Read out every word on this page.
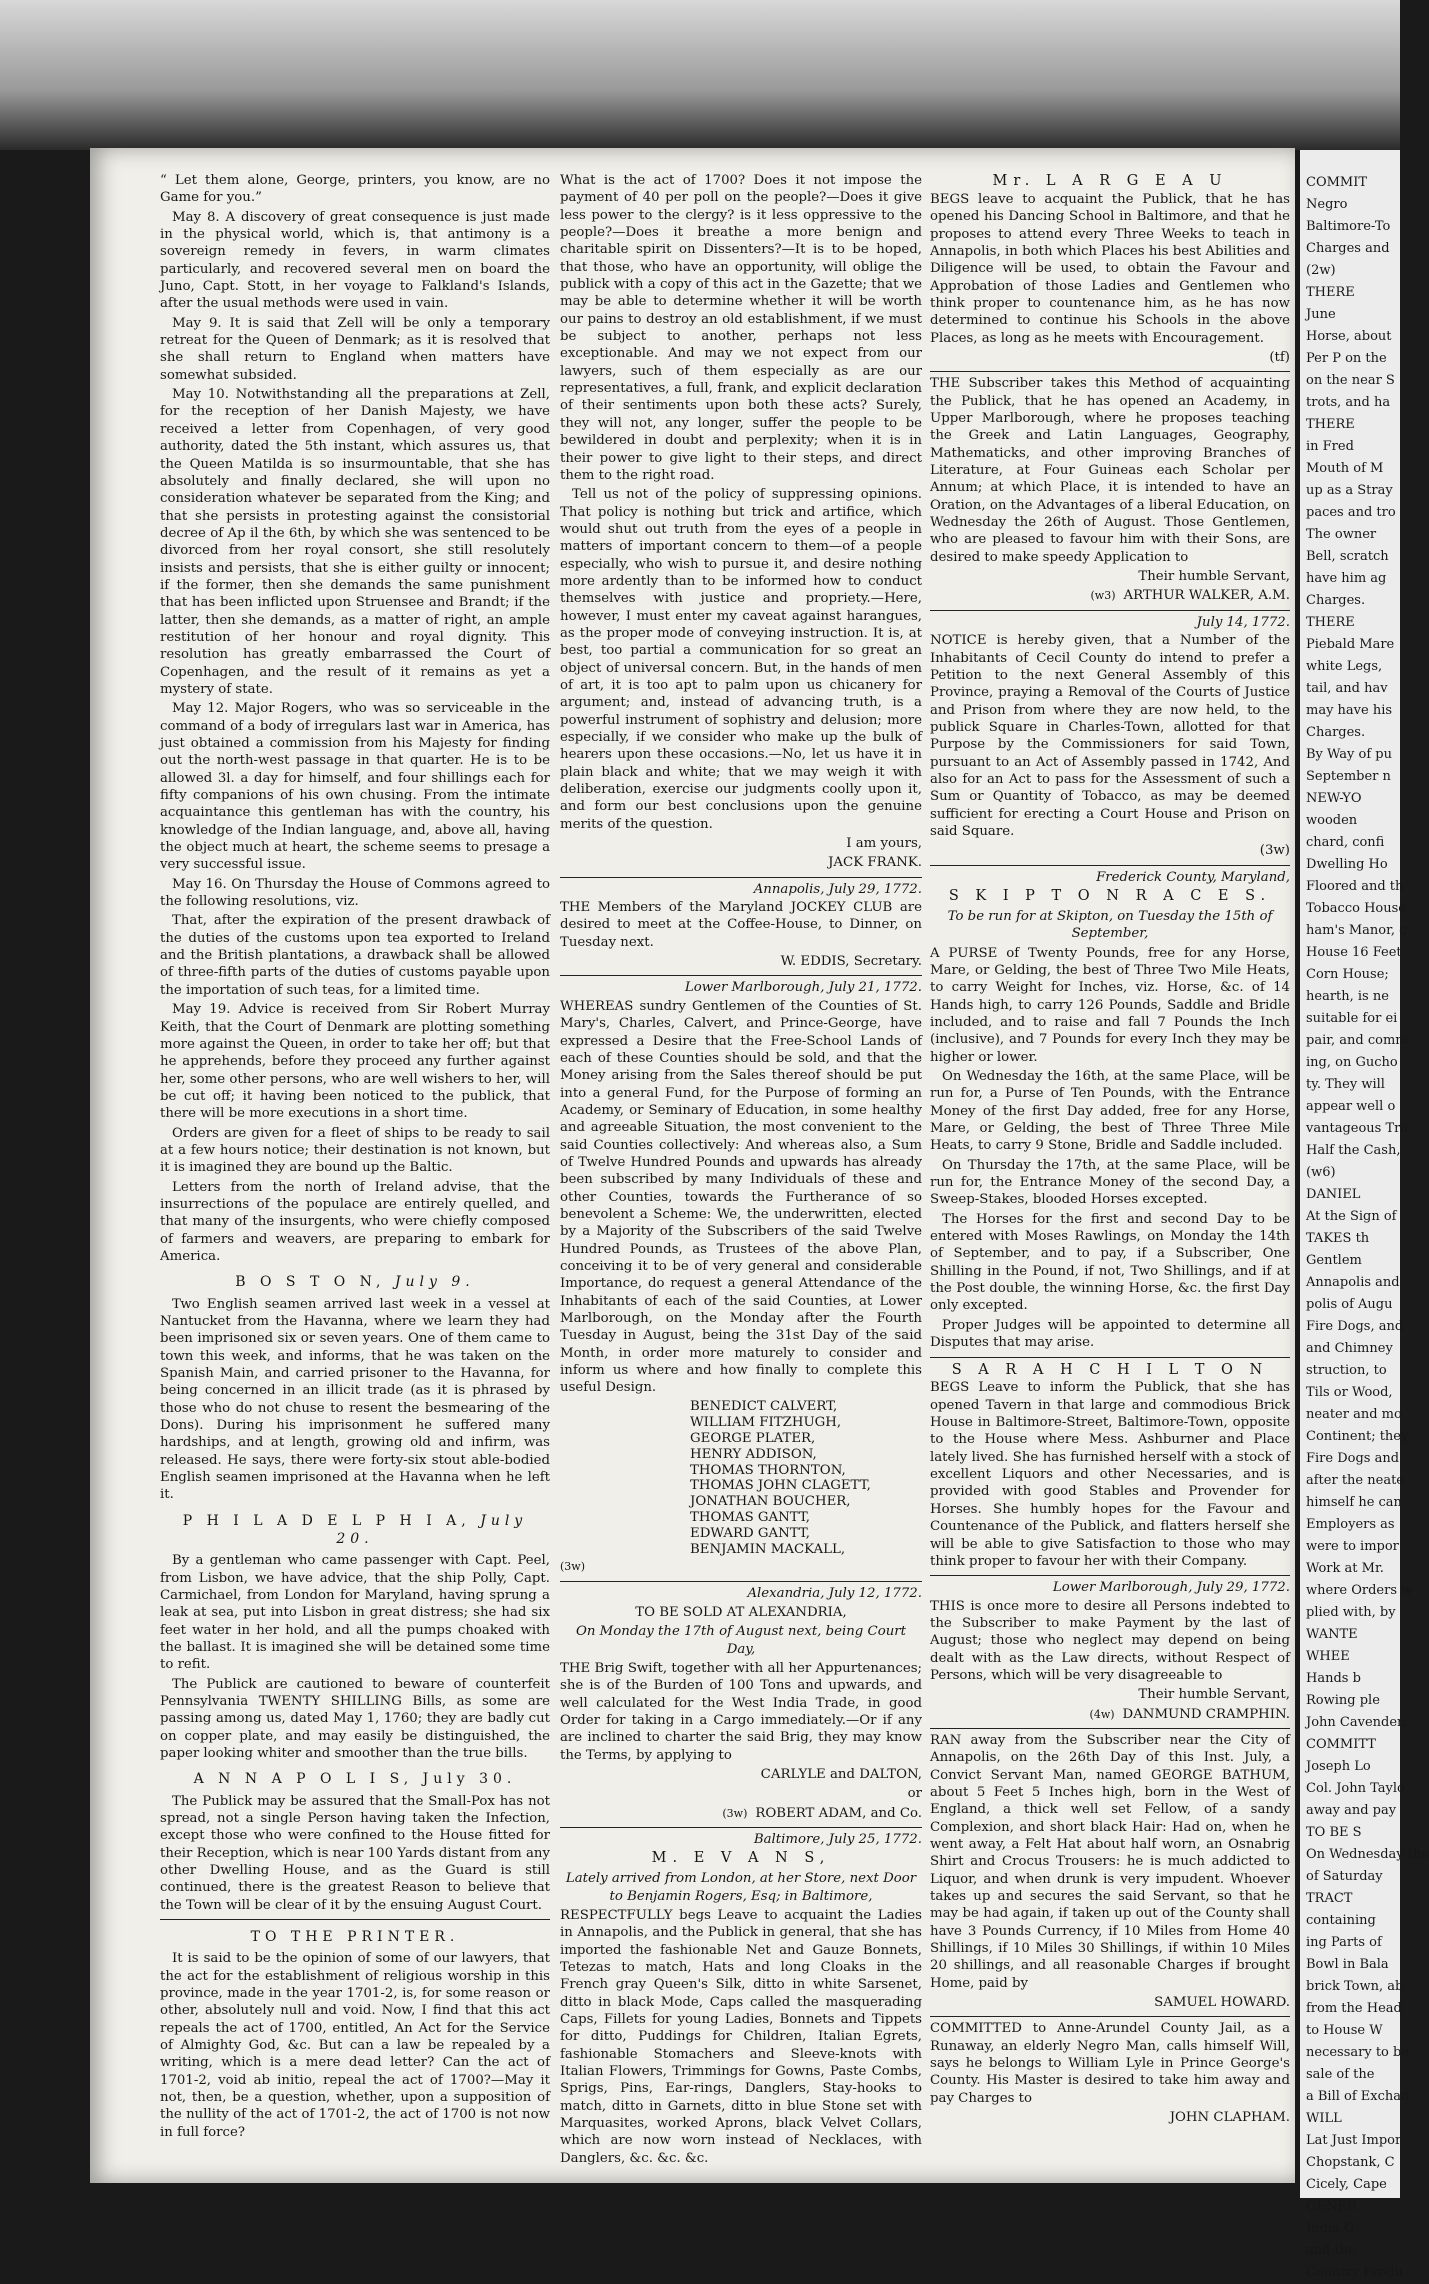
“ Let them alone, George, printers, you know, are no Game for you.”

May 8. A discovery of great consequence is just made in the physical world, which is, that antimony is a sovereign remedy in fevers, in warm climates particularly, and recovered several men on board the Juno, Capt. Stott, in her voyage to Falkland's Islands, after the usual methods were used in vain.

May 9. It is said that Zell will be only a temporary retreat for the Queen of Denmark; as it is resolved that she shall return to England when matters have somewhat subsided.

May 10. Notwithstanding all the preparations at Zell, for the reception of her Danish Majesty, we have received a letter from Copenhagen, of very good authority, dated the 5th instant, which assures us, that the Queen Matilda is so insurmountable, that she has absolutely and finally declared, she will upon no consideration whatever be separated from the King; and that she persists in protesting against the consistorial decree of Ap il the 6th, by which she was sentenced to be divorced from her royal consort, she still resolutely insists and persists, that she is either guilty or innocent; if the former, then she demands the same punishment that has been inflicted upon Struensee and Brandt; if the latter, then she demands, as a matter of right, an ample restitution of her honour and royal dignity. This resolution has greatly embarrassed the Court of Copenhagen, and the result of it remains as yet a mystery of state.

May 12. Major Rogers, who was so serviceable in the command of a body of irregulars last war in America, has just obtained a commission from his Majesty for finding out the north-west passage in that quarter. He is to be allowed 3l. a day for himself, and four shillings each for fifty companions of his own chusing. From the intimate acquaintance this gentleman has with the country, his knowledge of the Indian language, and, above all, having the object much at heart, the scheme seems to presage a very successful issue.

May 16. On Thursday the House of Commons agreed to the following resolutions, viz.

That, after the expiration of the present drawback of the duties of the customs upon tea exported to Ireland and the British plantations, a drawback shall be allowed of three-fifth parts of the duties of customs payable upon the importation of such teas, for a limited time.

May 19. Advice is received from Sir Robert Murray Keith, that the Court of Denmark are plotting something more against the Queen, in order to take her off; but that he apprehends, before they proceed any further against her, some other persons, who are well wishers to her, will be cut off; it having been noticed to the publick, that there will be more executions in a short time.

Orders are given for a fleet of ships to be ready to sail at a few hours notice; their destination is not known, but it is imagined they are bound up the Baltic.

Letters from the north of Ireland advise, that the insurrections of the populace are entirely quelled, and that many of the insurgents, who were chiefly composed of farmers and weavers, are preparing to embark for America.

B O S T O N, July 9.

Two English seamen arrived last week in a vessel at Nantucket from the Havanna, where we learn they had been imprisoned six or seven years. One of them came to town this week, and informs, that he was taken on the Spanish Main, and carried prisoner to the Havanna, for being concerned in an illicit trade (as it is phrased by those who do not chuse to resent the besmearing of the Dons). During his imprisonment he suffered many hardships, and at length, growing old and infirm, was released. He says, there were forty-six stout able-bodied English seamen imprisoned at the Havanna when he left it.

P H I L A D E L P H I A, July 20.

By a gentleman who came passenger with Capt. Peel, from Lisbon, we have advice, that the ship Polly, Capt. Carmichael, from London for Maryland, having sprung a leak at sea, put into Lisbon in great distress; she had six feet water in her hold, and all the pumps choaked with the ballast. It is imagined she will be detained some time to refit.

The Publick are cautioned to beware of counterfeit Pennsylvania TWENTY SHILLING Bills, as some are passing among us, dated May 1, 1760; they are badly cut on copper plate, and may easily be distinguished, the paper looking whiter and smoother than the true bills.

A N N A P O L I S, July 30.

The Publick may be assured that the Small-Pox has not spread, not a single Person having taken the Infection, except those who were confined to the House fitted for their Reception, which is near 100 Yards distant from any other Dwelling House, and as the Guard is still continued, there is the greatest Reason to believe that the Town will be clear of it by the ensuing August Court.

TO THE PRINTER.

It is said to be the opinion of some of our lawyers, that the act for the establishment of religious worship in this province, made in the year 1701-2, is, for some reason or other, absolutely null and void. Now, I find that this act repeals the act of 1700, entitled, An Act for the Service of Almighty God, &c. But can a law be repealed by a writing, which is a mere dead letter? Can the act of 1701-2, void ab initio, repeal the act of 1700?—May it not, then, be a question, whether, upon a supposition of the nullity of the act of 1701-2, the act of 1700 is not now in full force?

What is the act of 1700? Does it not impose the payment of 40 per poll on the people?—Does it give less power to the clergy? is it less oppressive to the people?—Does it breathe a more benign and charitable spirit on Dissenters?—It is to be hoped, that those, who have an opportunity, will oblige the publick with a copy of this act in the Gazette; that we may be able to determine whether it will be worth our pains to destroy an old establishment, if we must be subject to another, perhaps not less exceptionable. And may we not expect from our lawyers, such of them especially as are our representatives, a full, frank, and explicit declaration of their sentiments upon both these acts? Surely, they will not, any longer, suffer the people to be bewildered in doubt and perplexity; when it is in their power to give light to their steps, and direct them to the right road.

Tell us not of the policy of suppressing opinions. That policy is nothing but trick and artifice, which would shut out truth from the eyes of a people in matters of important concern to them—of a people especially, who wish to pursue it, and desire nothing more ardently than to be informed how to conduct themselves with justice and propriety.—Here, however, I must enter my caveat against harangues, as the proper mode of conveying instruction. It is, at best, too partial a communication for so great an object of universal concern. But, in the hands of men of art, it is too apt to palm upon us chicanery for argument; and, instead of advancing truth, is a powerful instrument of sophistry and delusion; more especially, if we consider who make up the bulk of hearers upon these occasions.—No, let us have it in plain black and white; that we may weigh it with deliberation, exercise our judgments coolly upon it, and form our best conclusions upon the genuine merits of the question.

I am yours,
JACK FRANK.
Annapolis, July 29, 1772.

THE Members of the Maryland JOCKEY CLUB are desired to meet at the Coffee-House, to Dinner, on Tuesday next.

W. EDDIS, Secretary.
Lower Marlborough, July 21, 1772.

WHEREAS sundry Gentlemen of the Counties of St. Mary's, Charles, Calvert, and Prince-George, have expressed a Desire that the Free-School Lands of each of these Counties should be sold, and that the Money arising from the Sales thereof should be put into a general Fund, for the Purpose of forming an Academy, or Seminary of Education, in some healthy and agreeable Situation, the most convenient to the said Counties collectively: And whereas also, a Sum of Twelve Hundred Pounds and upwards has already been subscribed by many Individuals of these and other Counties, towards the Furtherance of so benevolent a Scheme: We, the underwritten, elected by a Majority of the Subscribers of the said Twelve Hundred Pounds, as Trustees of the above Plan, conceiving it to be of very general and considerable Importance, do request a general Attendance of the Inhabitants of each of the said Counties, at Lower Marlborough, on the Monday after the Fourth Tuesday in August, being the 31st Day of the said Month, in order more maturely to consider and inform us where and how finally to complete this useful Design.

BENEDICT CALVERT,
WILLIAM FITZHUGH,
GEORGE PLATER,
HENRY ADDISON,
THOMAS THORNTON,
THOMAS JOHN CLAGETT,
JONATHAN BOUCHER,
THOMAS GANTT,
EDWARD GANTT,
BENJAMIN MACKALL,
(3w)
Alexandria, July 12, 1772.
TO BE SOLD AT ALEXANDRIA,
On Monday the 17th of August next, being Court Day,

THE Brig Swift, together with all her Appurtenances; she is of the Burden of 100 Tons and upwards, and well calculated for the West India Trade, in good Order for taking in a Cargo immediately.—Or if any are inclined to charter the said Brig, they may know the Terms, by applying to

CARLYLE and DALTON,
or
(3w) ROBERT ADAM, and Co.
Baltimore, July 25, 1772.
M. E V A N S,
Lately arrived from London, at her Store, next Door to Benjamin Rogers, Esq; in Baltimore,

RESPECTFULLY begs Leave to acquaint the Ladies in Annapolis, and the Publick in general, that she has imported the fashionable Net and Gauze Bonnets, Tetezas to match, Hats and long Cloaks in the French gray Queen's Silk, ditto in white Sarsenet, ditto in black Mode, Caps called the masquerading Caps, Fillets for young Ladies, Bonnets and Tippets for ditto, Puddings for Children, Italian Egrets, fashionable Stomachers and Sleeve-knots with Italian Flowers, Trimmings for Gowns, Paste Combs, Sprigs, Pins, Ear-rings, Danglers, Stay-hooks to match, ditto in Garnets, ditto in blue Stone set with Marquasites, worked Aprons, black Velvet Collars, which are now worn instead of Necklaces, with Danglers, &c. &c. &c.

Mr. L A R G E A U

BEGS leave to acquaint the Publick, that he has opened his Dancing School in Baltimore, and that he proposes to attend every Three Weeks to teach in Annapolis, in both which Places his best Abilities and Diligence will be used, to obtain the Favour and Approbation of those Ladies and Gentlemen who think proper to countenance him, as he has now determined to continue his Schools in the above Places, as long as he meets with Encouragement.

(tf)

THE Subscriber takes this Method of acquainting the Publick, that he has opened an Academy, in Upper Marlborough, where he proposes teaching the Greek and Latin Languages, Geography, Mathematicks, and other improving Branches of Literature, at Four Guineas each Scholar per Annum; at which Place, it is intended to have an Oration, on the Advantages of a liberal Education, on Wednesday the 26th of August. Those Gentlemen, who are pleased to favour him with their Sons, are desired to make speedy Application to

Their humble Servant,
(w3) ARTHUR WALKER, A.M.
July 14, 1772.

NOTICE is hereby given, that a Number of the Inhabitants of Cecil County do intend to prefer a Petition to the next General Assembly of this Province, praying a Removal of the Courts of Justice and Prison from where they are now held, to the publick Square in Charles-Town, allotted for that Purpose by the Commissioners for said Town, pursuant to an Act of Assembly passed in 1742, And also for an Act to pass for the Assessment of such a Sum or Quantity of Tobacco, as may be deemed sufficient for erecting a Court House and Prison on said Square.

(3w)
Frederick County, Maryland,
S K I P T O N R A C E S.
To be run for at Skipton, on Tuesday the 15th of September,

A PURSE of Twenty Pounds, free for any Horse, Mare, or Gelding, the best of Three Two Mile Heats, to carry Weight for Inches, viz. Horse, &c. of 14 Hands high, to carry 126 Pounds, Saddle and Bridle included, and to raise and fall 7 Pounds the Inch (inclusive), and 7 Pounds for every Inch they may be higher or lower.

On Wednesday the 16th, at the same Place, will be run for, a Purse of Ten Pounds, with the Entrance Money of the first Day added, free for any Horse, Mare, or Gelding, the best of Three Three Mile Heats, to carry 9 Stone, Bridle and Saddle included.

On Thursday the 17th, at the same Place, will be run for, the Entrance Money of the second Day, a Sweep-Stakes, blooded Horses excepted.

The Horses for the first and second Day to be entered with Moses Rawlings, on Monday the 14th of September, and to pay, if a Subscriber, One Shilling in the Pound, if not, Two Shillings, and if at the Post double, the winning Horse, &c. the first Day only excepted.

Proper Judges will be appointed to determine all Disputes that may arise.

S A R A H C H I L T O N

BEGS Leave to inform the Publick, that she has opened Tavern in that large and commodious Brick House in Baltimore-Street, Baltimore-Town, opposite to the House where Mess. Ashburner and Place lately lived. She has furnished herself with a stock of excellent Liquors and other Necessaries, and is provided with good Stables and Provender for Horses. She humbly hopes for the Favour and Countenance of the Publick, and flatters herself she will be able to give Satisfaction to those who may think proper to favour her with their Company.

Lower Marlborough, July 29, 1772.

THIS is once more to desire all Persons indebted to the Subscriber to make Payment by the last of August; those who neglect may depend on being dealt with as the Law directs, without Respect of Persons, which will be very disagreeable to

Their humble Servant,
(4w) DANMUND CRAMPHIN.

RAN away from the Subscriber near the City of Annapolis, on the 26th Day of this Inst. July, a Convict Servant Man, named GEORGE BATHUM, about 5 Feet 5 Inches high, born in the West of England, a thick well set Fellow, of a sandy Complexion, and short black Hair: Had on, when he went away, a Felt Hat about half worn, an Osnabrig Shirt and Crocus Trousers: he is much addicted to Liquor, and when drunk is very impudent. Whoever takes up and secures the said Servant, so that he may be had again, if taken up out of the County shall have 3 Pounds Currency, if 10 Miles from Home 40 Shillings, if 10 Miles 30 Shillings, if within 10 Miles 20 shillings, and all reasonable Charges if brought Home, paid by

SAMUEL HOWARD.

COMMITTED to Anne-Arundel County Jail, as a Runaway, an elderly Negro Man, calls himself Will, says he belongs to William Lyle in Prince George's County. His Master is desired to take him away and pay Charges to

JOHN CLAPHAM.
COMMIT
Negro
Baltimore-To
Charges and
(2w)
THERE
June
Horse, about
Per P on the
on the near S
trots, and ha
THERE
in Fred
Mouth of M
up as a Stray
paces and tro
The owner
Bell, scratch
have him ag
Charges.
THERE
Piebald Mare
white Legs,
tail, and hav
may have his
Charges.
By Way of pu
September n
NEW-YO
wooden
chard, confi
Dwelling Ho
Floored and th
Tobacco House
ham's Manor, c
House 16 Feet
Corn House;
hearth, is ne
suitable for ei
pair, and comm
ing, on Gucho
ty. They will
appear well o
vantageous Tra
Half the Cash,
(w6)
DANIEL
At the Sign of
TAKES th
Gentlem
Annapolis and
polis of Augu
Fire Dogs, and
and Chimney
struction, to
Tils or Wood,
neater and mo
Continent; they
Fire Dogs and
after the neate
himself he can
Employers as
were to impor
Work at Mr.
where Orders w
plied with, by
WANTE
WHEE
Hands b
Rowing ple
John Cavender,
COMMITT
Joseph Lo
Col. John Taylo
away and pay
TO BE S
On Wednesday the
of Saturday
TRACT
containing
ing Parts of
Bowl in Bala
brick Town, ab
from the Head
to House W
necessary to be
sale of the
a Bill of Exchan
WILL
Lat Just Impor
Chopstank, C
Cicely, Cape
GENER
India G
and the
Country Produ
